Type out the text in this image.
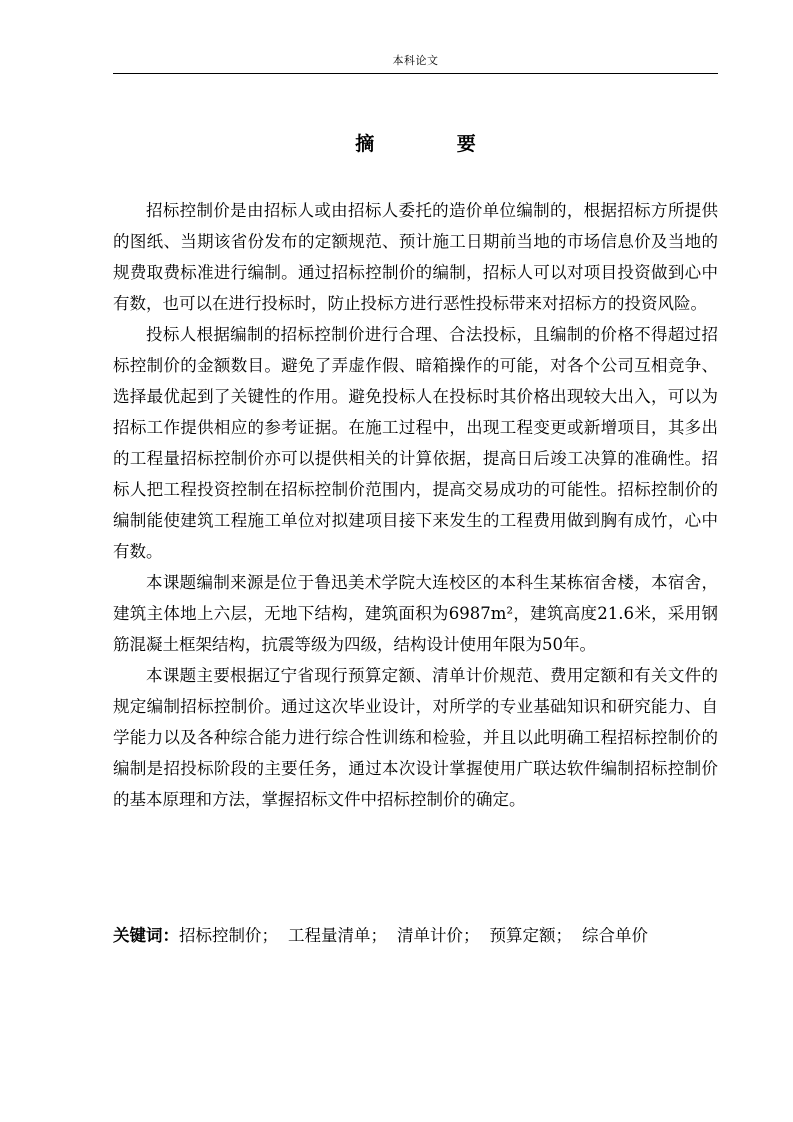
本科论文
摘 要

招标控制价是由招标人或由招标人委托的造价单位编制的，根据招标方所提供的图纸、当期该省份发布的定额规范、预计施工日期前当地的市场信息价及当地的规费取费标准进行编制。通过招标控制价的编制，招标人可以对项目投资做到心中有数，也可以在进行投标时，防止投标方进行恶性投标带来对招标方的投资风险。

投标人根据编制的招标控制价进行合理、合法投标，且编制的价格不得超过招标控制价的金额数目。避免了弄虚作假、暗箱操作的可能，对各个公司互相竞争、选择最优起到了关键性的作用。避免投标人在投标时其价格出现较大出入，可以为招标工作提供相应的参考证据。在施工过程中，出现工程变更或新增项目，其多出的工程量招标控制价亦可以提供相关的计算依据，提高日后竣工决算的准确性。招标人把工程投资控制在招标控制价范围内，提高交易成功的可能性。招标控制价的编制能使建筑工程施工单位对拟建项目接下来发生的工程费用做到胸有成竹，心中有数。

本课题编制来源是位于鲁迅美术学院大连校区的本科生某栋宿舍楼，本宿舍，建筑主体地上六层，无地下结构，建筑面积为6987m²，建筑高度21.6米，采用钢筋混凝土框架结构，抗震等级为四级，结构设计使用年限为50年。

本课题主要根据辽宁省现行预算定额、清单计价规范、费用定额和有关文件的规定编制招标控制价。通过这次毕业设计，对所学的专业基础知识和研究能力、自学能力以及各种综合能力进行综合性训练和检验，并且以此明确工程招标控制价的编制是招投标阶段的主要任务，通过本次设计掌握使用广联达软件编制招标控制价的基本原理和方法，掌握招标文件中招标控制价的确定。

关键词：招标控制价； 工程量清单； 清单计价； 预算定额； 综合单价
